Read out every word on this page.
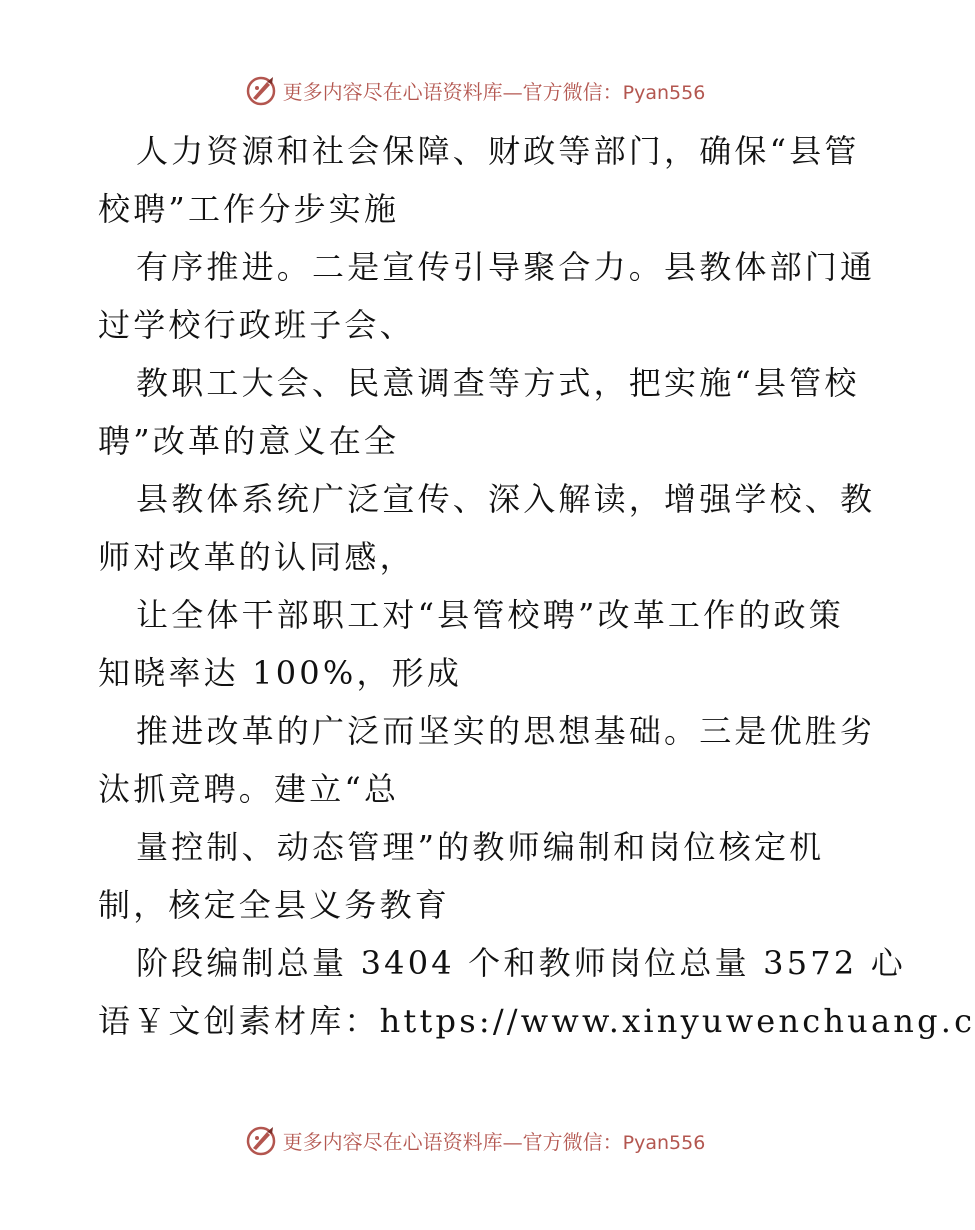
更多内容尽在心语资料库—官方微信：Pyan556

人力资源和社会保障、财政等部门，确保“县管
校聘”工作分步实施

有序推进。二是宣传引导聚合力。县教体部门通
过学校行政班子会、

教职工大会、民意调查等方式，把实施“县管校
聘”改革的意义在全

县教体系统广泛宣传、深入解读，增强学校、教
师对改革的认同感，

让全体干部职工对“县管校聘”改革工作的政策
知晓率达 100%，形成

推进改革的广泛而坚实的思想基础。三是优胜劣
汰抓竞聘。建立“总

量控制、动态管理”的教师编制和岗位核定机
制，核定全县义务教育

阶段编制总量 3404 个和教师岗位总量 3572 心
语￥文创素材库：https://www.xinyuwenchuang.c

更多内容尽在心语资料库—官方微信：Pyan556
